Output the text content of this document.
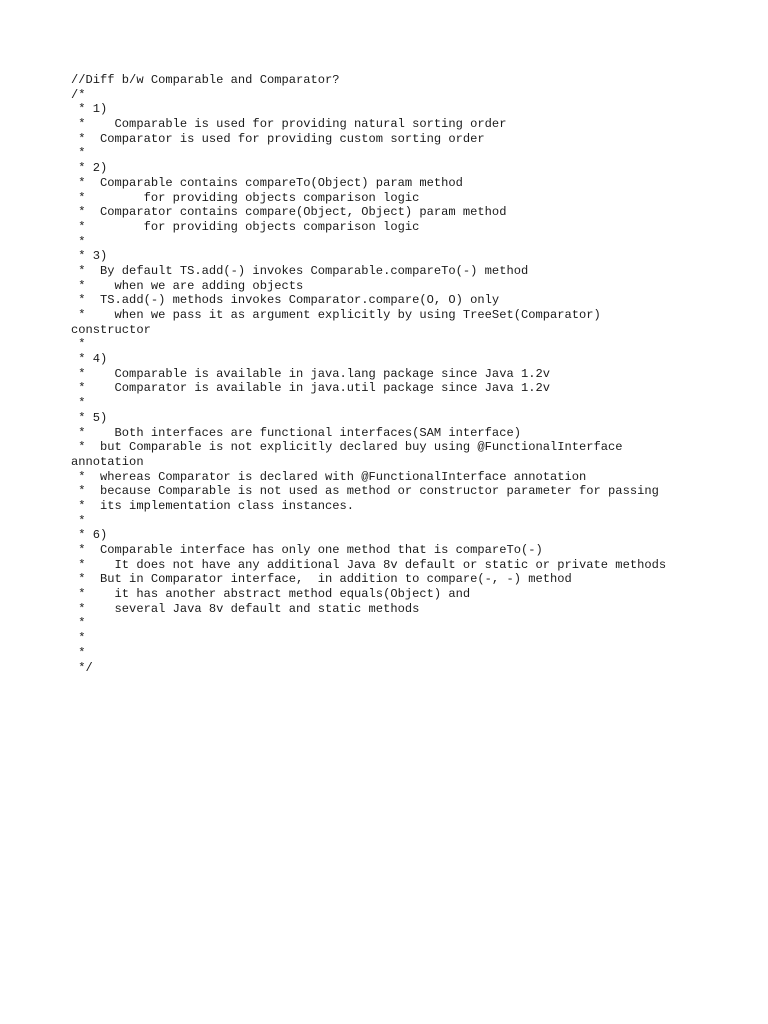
//Diff b/w Comparable and Comparator?
/*
* 1)
*    Comparable is used for providing natural sorting order
*  Comparator is used for providing custom sorting order
*
* 2)
*  Comparable contains compareTo(Object) param method
*        for providing objects comparison logic
*  Comparator contains compare(Object, Object) param method
*        for providing objects comparison logic
*
* 3)
*  By default TS.add(-) invokes Comparable.compareTo(-) method
*    when we are adding objects
*  TS.add(-) methods invokes Comparator.compare(O, O) only
*    when we pass it as argument explicitly by using TreeSet(Comparator)
constructor
*
* 4)
*    Comparable is available in java.lang package since Java 1.2v
*    Comparator is available in java.util package since Java 1.2v
*
* 5)
*    Both interfaces are functional interfaces(SAM interface)
*  but Comparable is not explicitly declared buy using @FunctionalInterface
annotation
*  whereas Comparator is declared with @FunctionalInterface annotation
*  because Comparable is not used as method or constructor parameter for passing
*  its implementation class instances.
*
* 6)
*  Comparable interface has only one method that is compareTo(-)
*    It does not have any additional Java 8v default or static or private methods
*  But in Comparator interface,  in addition to compare(-, -) method
*    it has another abstract method equals(Object) and
*    several Java 8v default and static methods
*
*
*
*/
